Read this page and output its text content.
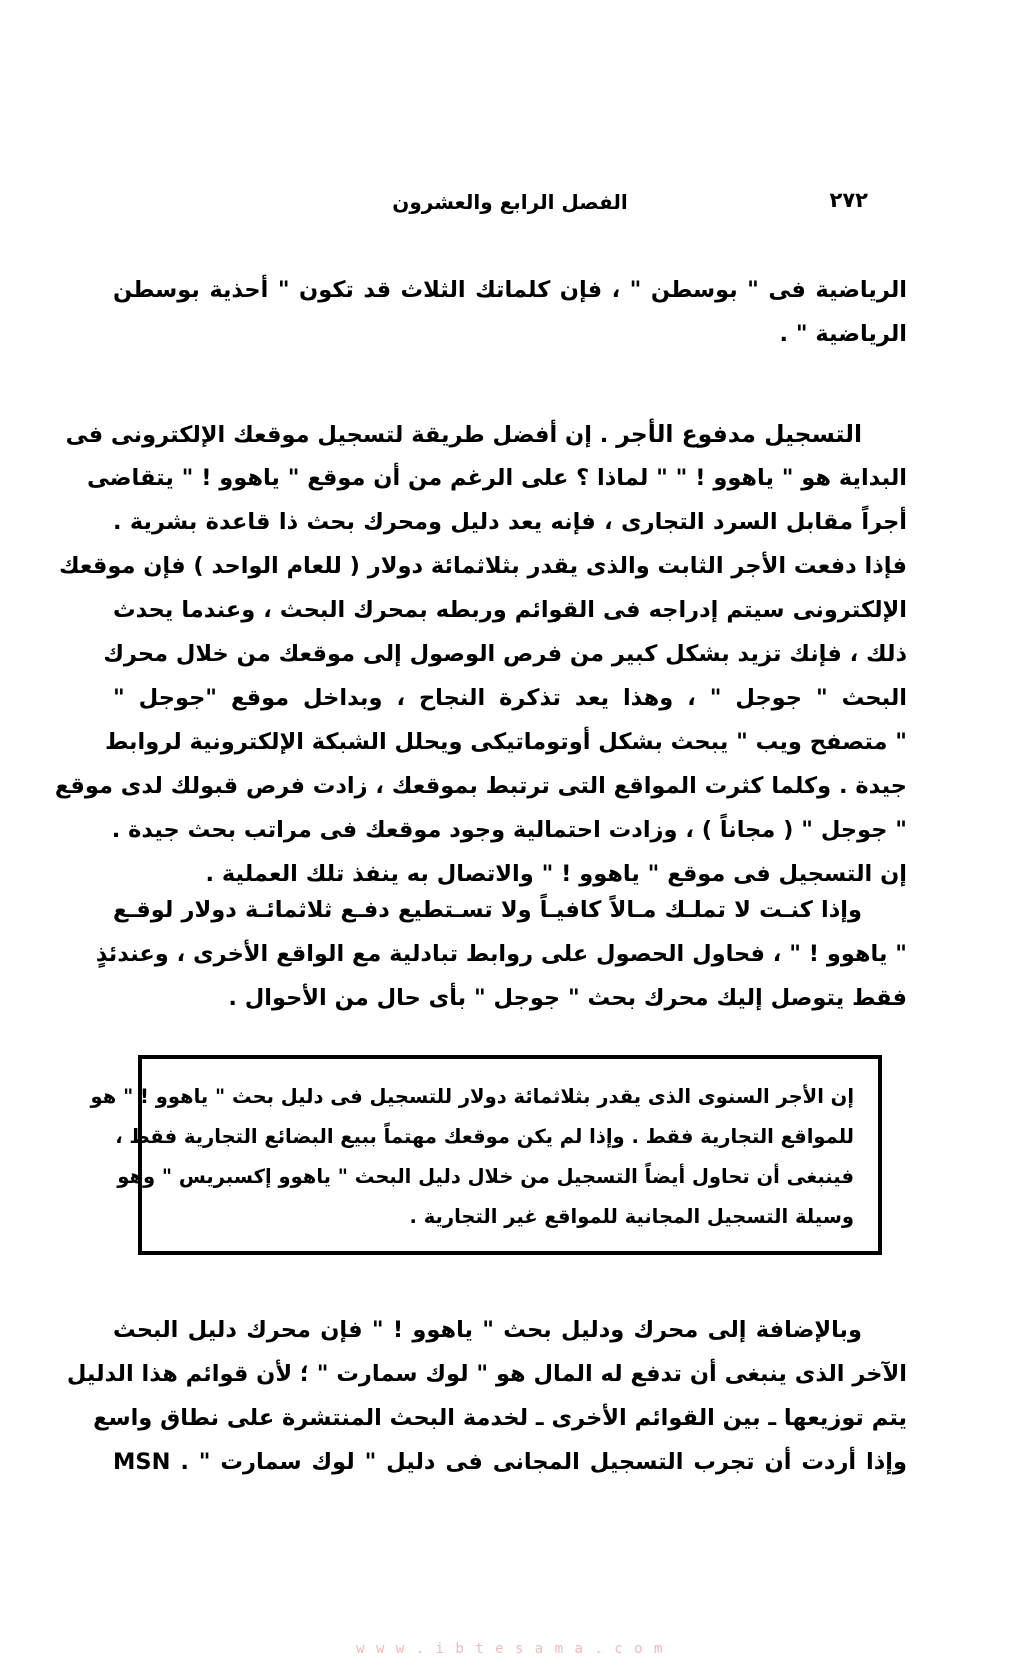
الفصل الرابع والعشرون	٢٧٢
الرياضية فى " بوسطن " ، فإن كلماتك الثلاث قد تكون " أحذية بوسطن
الرياضية " .
التسجيل مدفوع الأجر . إن أفضل طريقة لتسجيل موقعك الإلكترونى فى
البداية هو " ياهوو ! " " لماذا ؟ على الرغم من أن موقع " ياهوو ! " يتقاضى
أجراً مقابل السرد التجارى ، فإنه يعد دليل ومحرك بحث ذا قاعدة بشرية .
فإذا دفعت الأجر الثابت والذى يقدر بثلاثمائة دولار ( للعام الواحد ) فإن موقعك
الإلكترونى سيتم إدراجه فى القوائم وربطه بمحرك البحث ، وعندما يحدث
ذلك ، فإنك تزيد بشكل كبير من فرص الوصول إلى موقعك من خلال محرك
البحث " جوجل " ، وهذا يعد تذكرة النجاح ، وبداخل موقع "جوجل "
" متصفح ويب " يبحث بشكل أوتوماتيكى ويحلل الشبكة الإلكترونية لروابط
جيدة . وكلما كثرت المواقع التى ترتبط بموقعك ، زادت فرص قبولك لدى موقع
" جوجل " ( مجاناً ) ، وزادت احتمالية وجود موقعك فى مراتب بحث جيدة .
إن التسجيل فى موقع " ياهوو ! " والاتصال به ينفذ تلك العملية .
وإذا كنـت لا تملـك مـالاً كافيـاً ولا تسـتطيع دفـع ثلاثمائـة دولار لوقـع
" ياهوو ! " ، فحاول الحصول على روابط تبادلية مع الواقع الأخرى ، وعندئذٍ
فقط يتوصل إليك محرك بحث " جوجل " بأى حال من الأحوال .
إن الأجر السنوى الذى يقدر بثلاثمائة دولار للتسجيل فى دليل بحث " ياهوو ! " هو
للمواقع التجارية فقط . وإذا لم يكن موقعك مهتماً ببيع البضائع التجارية فقط ،
فينبغى أن تحاول أيضاً التسجيل من خلال دليل البحث " ياهوو إكسبريس " وهو
وسيلة التسجيل المجانية للمواقع غير التجارية .
وبالإضافة إلى محرك ودليل بحث " ياهوو ! " فإن محرك دليل البحث
الآخر الذى ينبغى أن تدفع له المال هو " لوك سمارت " ؛ لأن قوائم هذا الدليل
يتم توزيعها ـ بين القوائم الأخرى ـ لخدمة البحث المنتشرة على نطاق واسع
وإذا أردت أن تجرب التسجيل المجانى فى دليل " لوك سمارت " . MSN
w w w . i b t e s a m a . c o m
